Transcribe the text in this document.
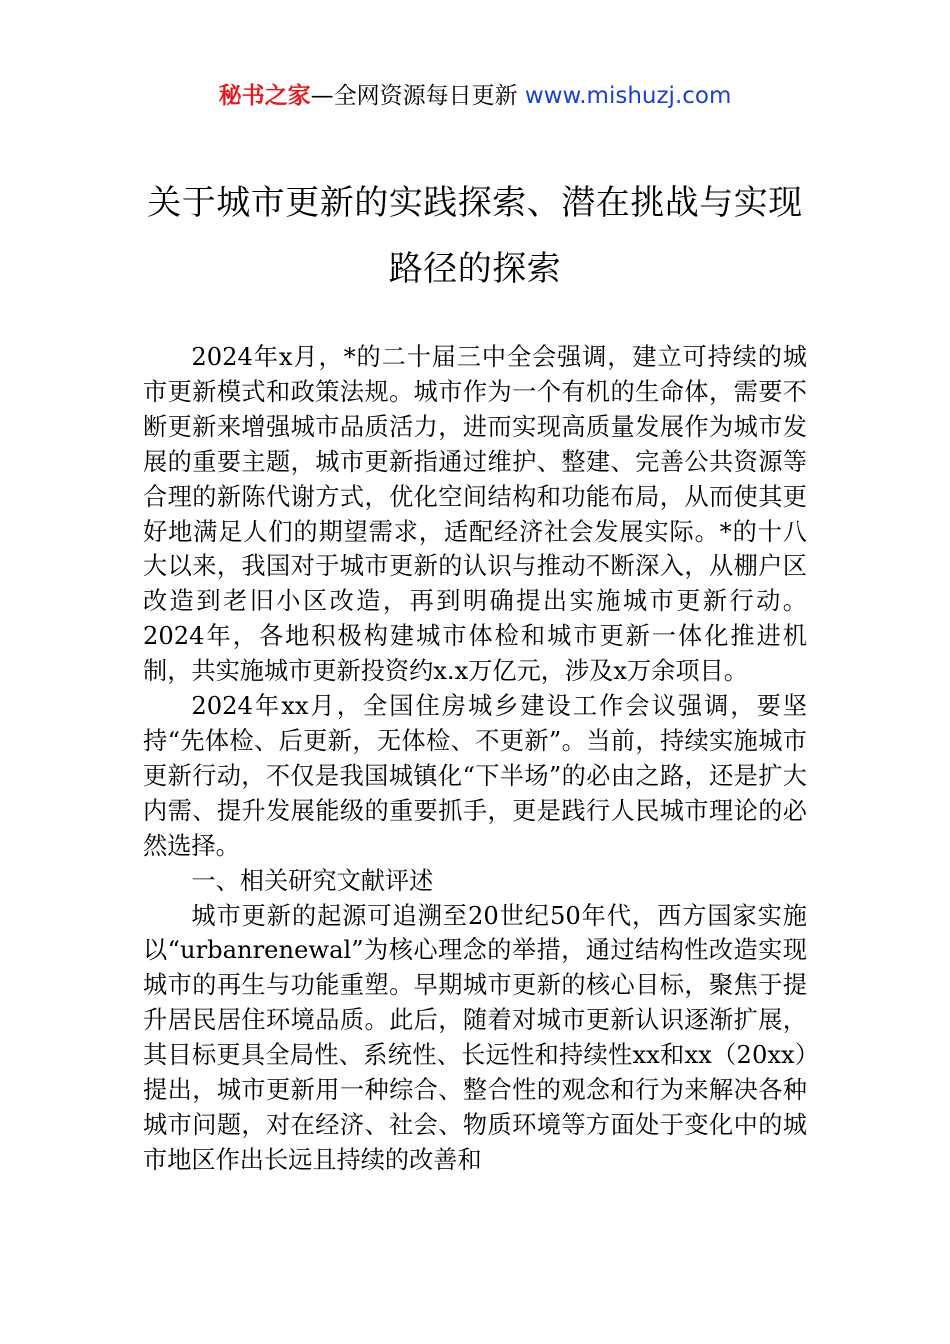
秘书之家—全网资源每日更新 www.mishuzj.com
关于城市更新的实践探索、潜在挑战与实现路径的探索

2024年x月，*的二十届三中全会强调，建立可持续的城市更新模式和政策法规。城市作为一个有机的生命体，需要不断更新来增强城市品质活力，进而实现高质量发展作为城市发展的重要主题，城市更新指通过维护、整建、完善公共资源等合理的新陈代谢方式，优化空间结构和功能布局，从而使其更好地满足人们的期望需求，适配经济社会发展实际。*的十八大以来，我国对于城市更新的认识与推动不断深入，从棚户区改造到老旧小区改造，再到明确提出实施城市更新行动。2024年，各地积极构建城市体检和城市更新一体化推进机制，共实施城市更新投资约x.x万亿元，涉及x万余项目。

2024年xx月，全国住房城乡建设工作会议强调，要坚持“先体检、后更新，无体检、不更新”。当前，持续实施城市更新行动，不仅是我国城镇化“下半场”的必由之路，还是扩大内需、提升发展能级的重要抓手，更是践行人民城市理论的必然选择。

一、相关研究文献评述

城市更新的起源可追溯至20世纪50年代，西方国家实施以“urbanrenewal”为核心理念的举措，通过结构性改造实现城市的再生与功能重塑。早期城市更新的核心目标，聚焦于提升居民居住环境品质。此后，随着对城市更新认识逐渐扩展，其目标更具全局性、系统性、长远性和持续性xx和xx（20xx）提出，城市更新用一种综合、整合性的观念和行为来解决各种城市问题，对在经济、社会、物质环境等方面处于变化中的城市地区作出长远且持续的改善和
